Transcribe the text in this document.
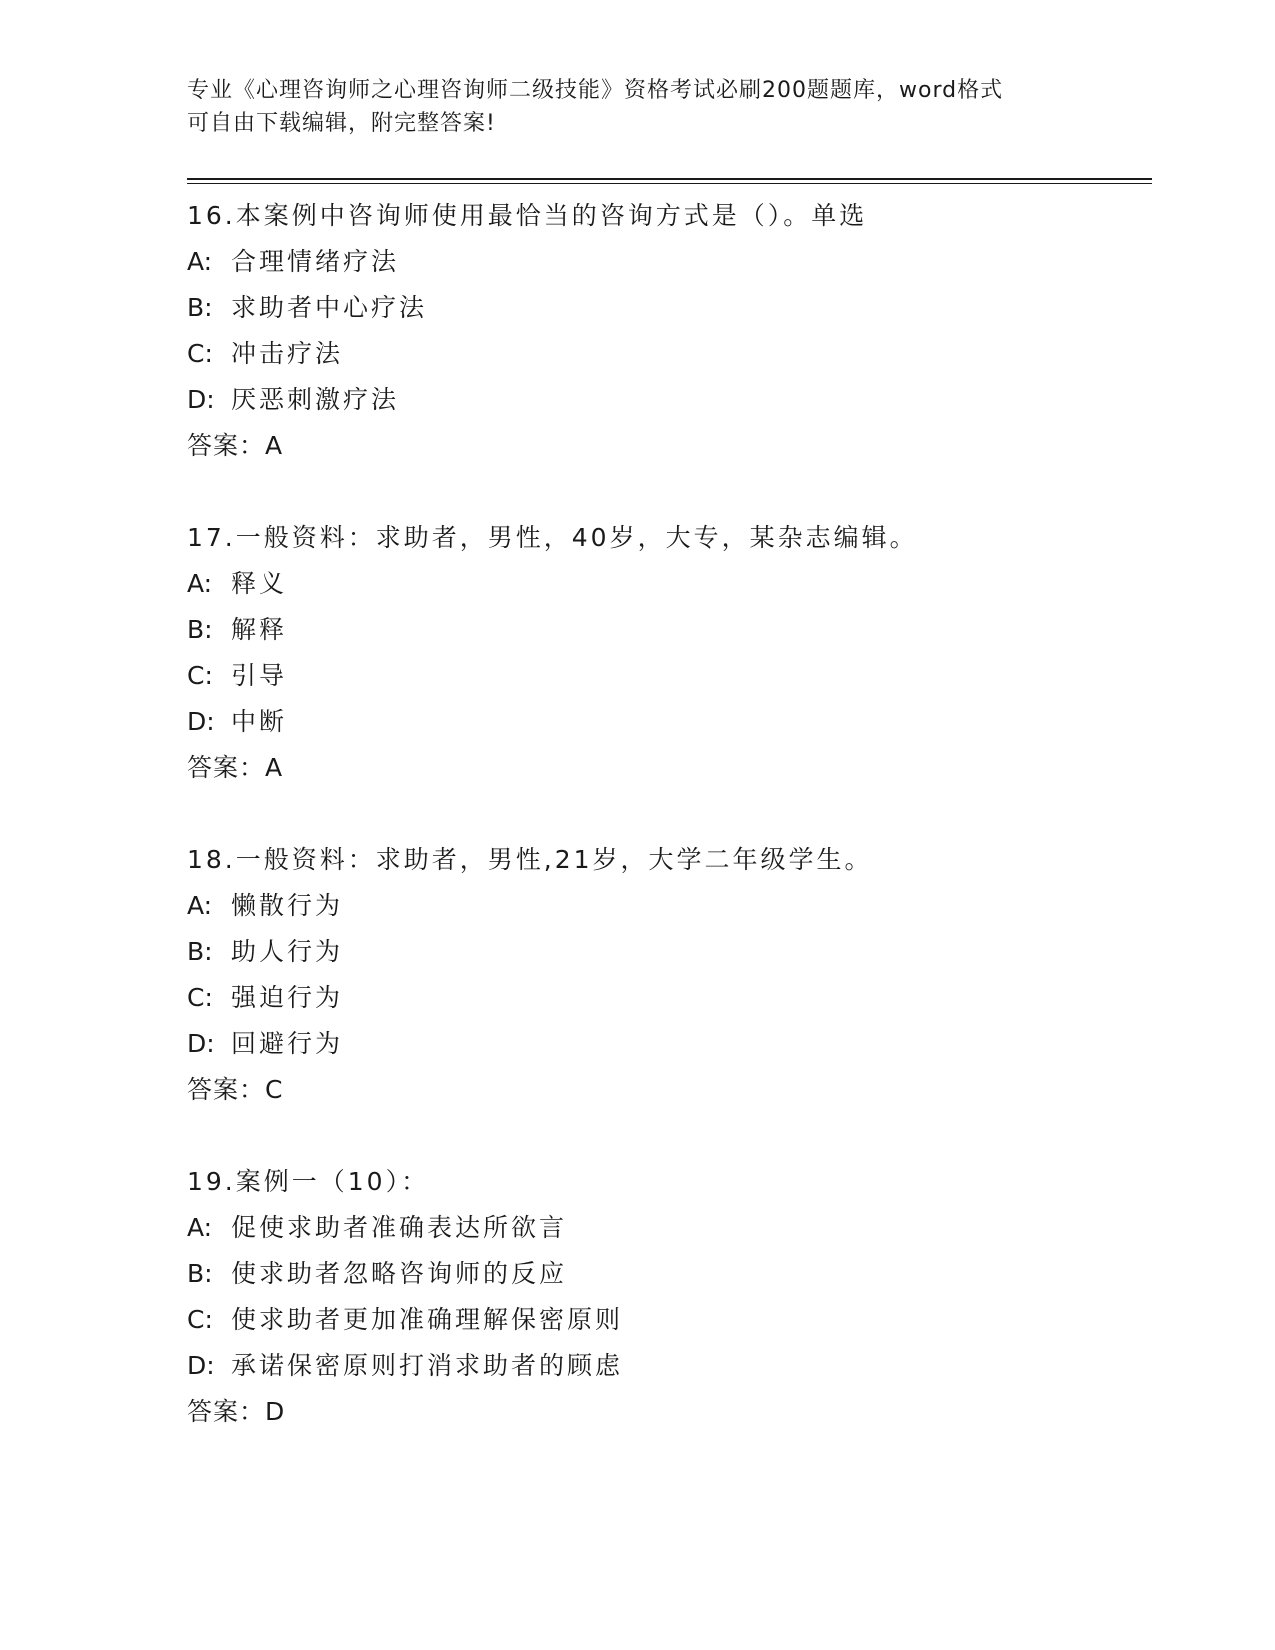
专业《心理咨询师之心理咨询师二级技能》资格考试必刷200题题库，word格式
可自由下载编辑，附完整答案!
16.本案例中咨询师使用最恰当的咨询方式是（）。单选
A: 合理情绪疗法
B: 求助者中心疗法
C: 冲击疗法
D: 厌恶刺激疗法
答案：A
17.一般资料：求助者，男性，40岁，大专，某杂志编辑。
A: 释义
B: 解释
C: 引导
D: 中断
答案：A
18.一般资料：求助者，男性,21岁，大学二年级学生。
A: 懒散行为
B: 助人行为
C: 强迫行为
D: 回避行为
答案：C
19.案例一（10）：
A: 促使求助者准确表达所欲言
B: 使求助者忽略咨询师的反应
C: 使求助者更加准确理解保密原则
D: 承诺保密原则打消求助者的顾虑
答案：D
